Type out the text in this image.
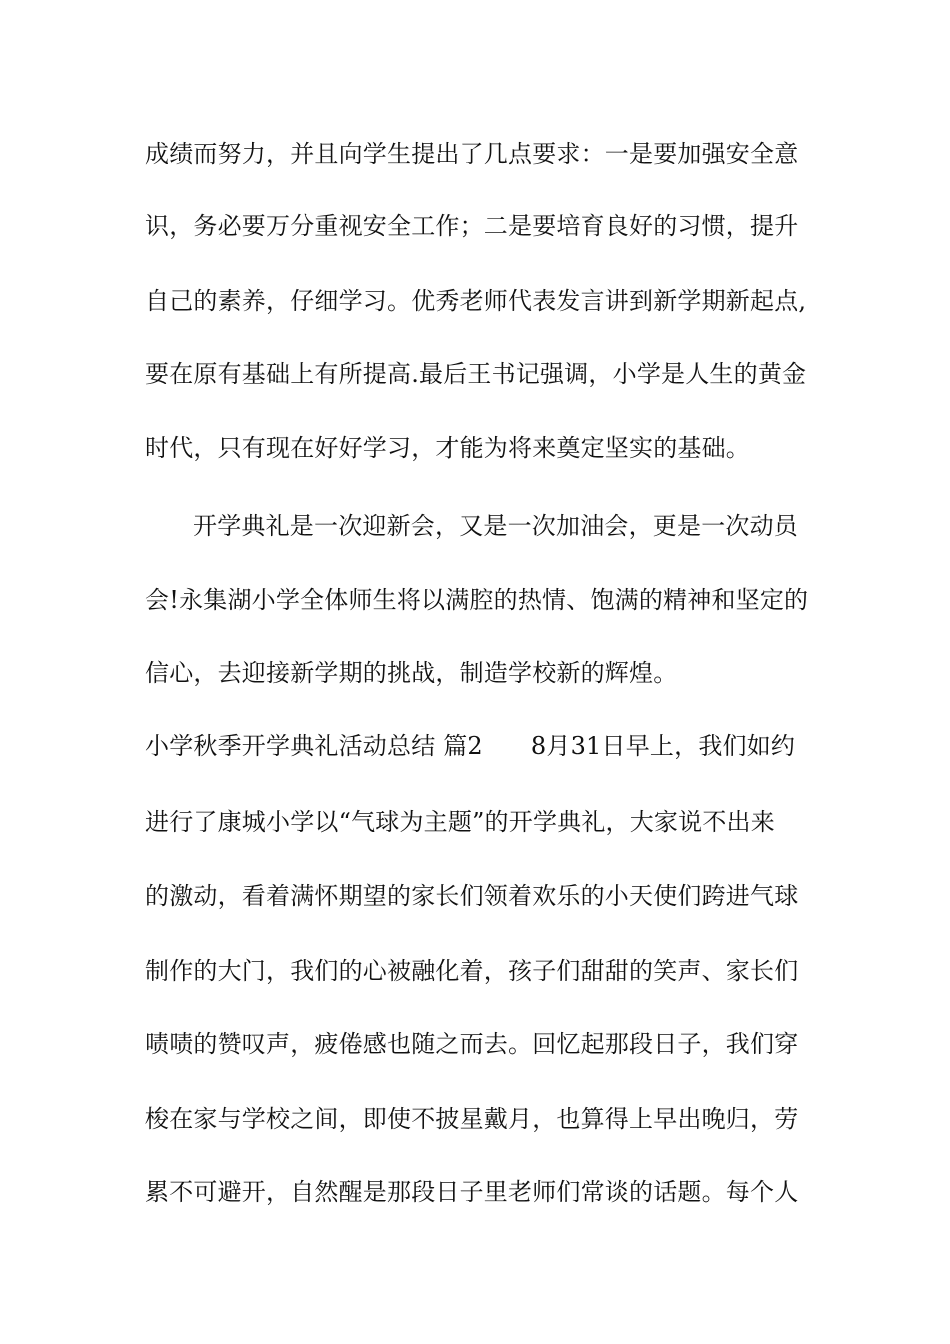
成绩而努力，并且向学生提出了几点要求：一是要加强安全意
识，务必要万分重视安全工作；二是要培育良好的习惯，提升
自己的素养，仔细学习。优秀老师代表发言讲到新学期新起点,
要在原有基础上有所提高.最后王书记强调，小学是人生的黄金
时代，只有现在好好学习，才能为将来奠定坚实的基础。
开学典礼是一次迎新会，又是一次加油会，更是一次动员
会!永集湖小学全体师生将以满腔的热情、饱满的精神和坚定的
信心，去迎接新学期的挑战，制造学校新的辉煌。
小学秋季开学典礼活动总结 篇2 8月31日早上，我们如约
进行了康城小学以“气球为主题”的开学典礼，大家说不出来
的激动，看着满怀期望的家长们领着欢乐的小天使们跨进气球
制作的大门，我们的心被融化着，孩子们甜甜的笑声、家长们
啧啧的赞叹声，疲倦感也随之而去。回忆起那段日子，我们穿
梭在家与学校之间，即使不披星戴月，也算得上早出晚归，劳
累不可避开，自然醒是那段日子里老师们常谈的话题。每个人
